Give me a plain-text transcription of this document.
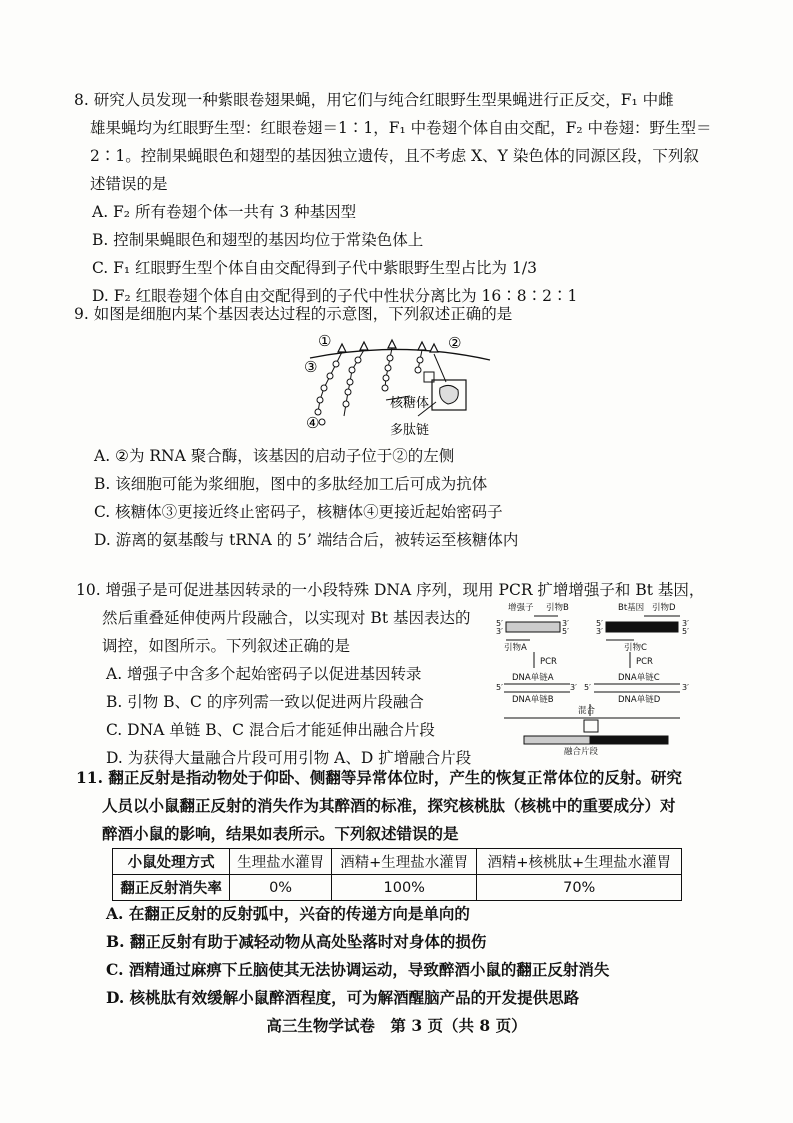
8. 研究人员发现一种紫眼卷翅果蝇，用它们与纯合红眼野生型果蝇进行正反交，F₁ 中雌
雄果蝇均为红眼野生型：红眼卷翅＝1∶1，F₁ 中卷翅个体自由交配，F₂ 中卷翅：野生型＝
2∶1。控制果蝇眼色和翅型的基因独立遗传，且不考虑 X、Y 染色体的同源区段，下列叙
述错误的是
A. F₂ 所有卷翅个体一共有 3 种基因型
B. 控制果蝇眼色和翅型的基因均位于常染色体上
C. F₁ 红眼野生型个体自由交配得到子代中紫眼野生型占比为 1/3
D. F₂ 红眼卷翅个体自由交配得到的子代中性状分离比为 16∶8∶2∶1
9. 如图是细胞内某个基因表达过程的示意图，下列叙述正确的是
①	②
③
④
核糖体
多肽链
A. ②为 RNA 聚合酶，该基因的启动子位于②的左侧
B. 该细胞可能为浆细胞，图中的多肽经加工后可成为抗体
C. 核糖体③更接近终止密码子，核糖体④更接近起始密码子
D. 游离的氨基酸与 tRNA 的 5’ 端结合后，被转运至核糖体内
10. 增强子是可促进基因转录的一小段特殊 DNA 序列，现用 PCR 扩增增强子和 Bt 基因，
然后重叠延伸使两片段融合，以实现对 Bt 基因表达的
调控，如图所示。下列叙述正确的是
A. 增强子中含多个起始密码子以促进基因转录
B. 引物 B、C 的序列需一致以促进两片段融合
C. DNA 单链 B、C 混合后才能延伸出融合片段
D. 为获得大量融合片段可用引物 A、D 扩增融合片段
增强子 引物B	Bt基因 引物D
引物A	引物C
PCR	PCR
DNA单链A
DNA单链B
DNA单链C
DNA单链D
混合
融合片段
5′
3′
3′
5′
5′
3′
3′
5′
5′	3′ 5′	3′
11. 翻正反射是指动物处于仰卧、侧翻等异常体位时，产生的恢复正常体位的反射。研究
人员以小鼠翻正反射的消失作为其醉酒的标准，探究核桃肽（核桃中的重要成分）对
醉酒小鼠的影响，结果如表所示。下列叙述错误的是
小鼠处理方式	生理盐水灌胃	酒精+生理盐水灌胃	酒精+核桃肽+生理盐水灌胃
翻正反射消失率	0%	100%	70%
A. 在翻正反射的反射弧中，兴奋的传递方向是单向的
B. 翻正反射有助于减轻动物从高处坠落时对身体的损伤
C. 酒精通过麻痹下丘脑使其无法协调运动，导致醉酒小鼠的翻正反射消失
D. 核桃肽有效缓解小鼠醉酒程度，可为解酒醒脑产品的开发提供思路
高三生物学试卷　第 3 页（共 8 页）
